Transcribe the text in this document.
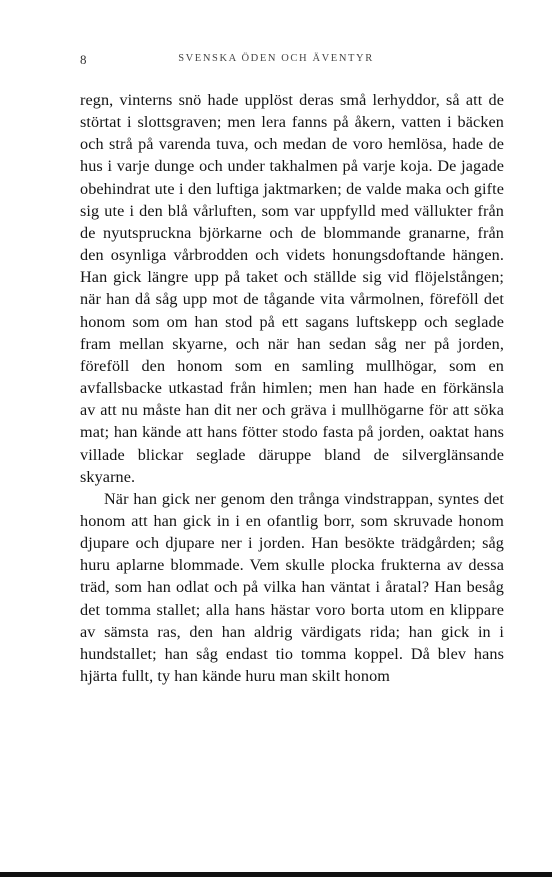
8	SVENSKA ÖDEN OCH ÄVENTYR

regn, vinterns snö hade upplöst deras små lerhyddor, så att de störtat i slottsgraven; men lera fanns på åkern, vatten i bäcken och strå på varenda tuva, och medan de voro hemlösa, hade de hus i varje dunge och under takhalmen på varje koja. De jagade obehindrat ute i den luftiga jaktmarken; de valde maka och gifte sig ute i den blå vårluften, som var uppfylld med vällukter från de nyutspruckna björkarne och de blommande granarne, från den osynliga vårbrodden och videts honungsdoftande hängen. Han gick längre upp på taket och ställde sig vid flöjelstången; när han då såg upp mot de tågande vita vårmolnen, föreföll det honom som om han stod på ett sagans luftskepp och seglade fram mellan skyarne, och när han sedan såg ner på jorden, föreföll den honom som en samling mullhögar, som en avfallsbacke utkastad från himlen; men han hade en förkänsla av att nu måste han dit ner och gräva i mullhögarne för att söka mat; han kände att hans fötter stodo fasta på jorden, oaktat hans villade blickar seglade däruppe bland de silverglänsande skyarne.

När han gick ner genom den trånga vindstrappan, syntes det honom att han gick in i en ofantlig borr, som skruvade honom djupare och djupare ner i jorden. Han besökte trädgården; såg huru aplarne blommade. Vem skulle plocka frukterna av dessa träd, som han odlat och på vilka han väntat i åratal? Han besåg det tomma stallet; alla hans hästar voro borta utom en klippare av sämsta ras, den han aldrig värdigats rida; han gick in i hundstallet; han såg endast tio tomma koppel. Då blev hans hjärta fullt, ty han kände huru man skilt honom
